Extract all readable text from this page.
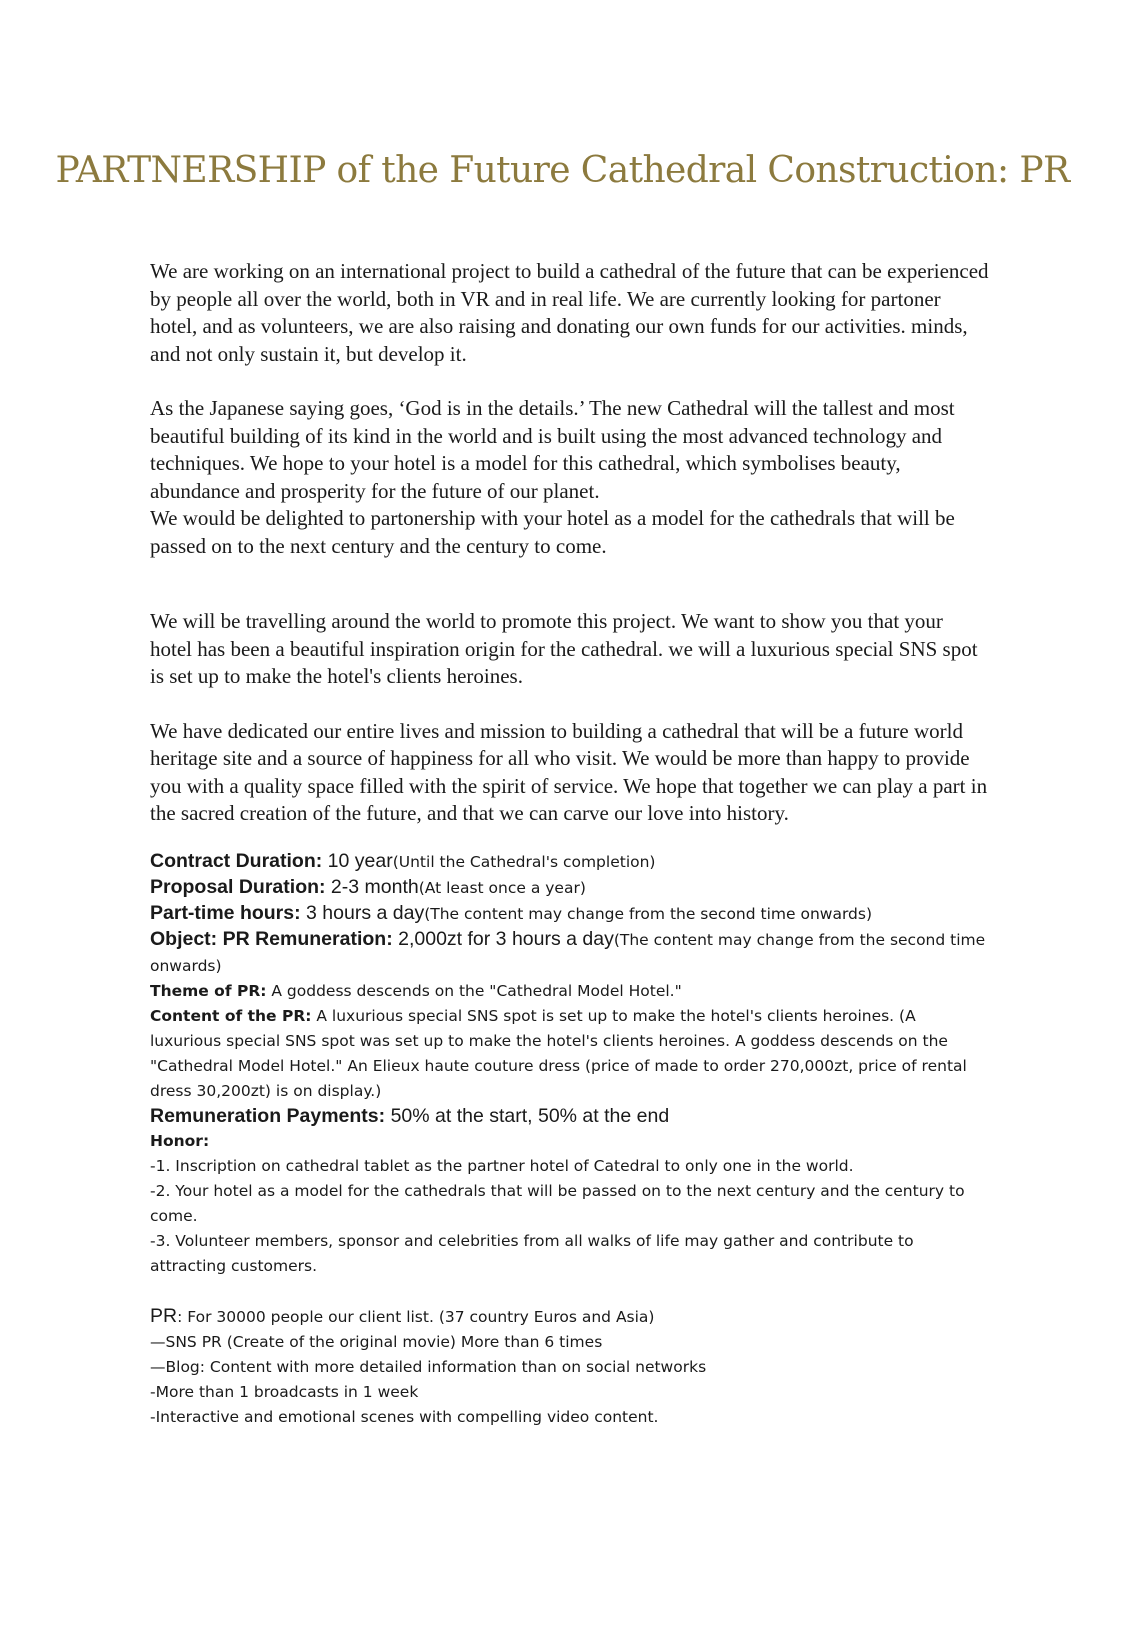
PARTNERSHIP of the Future Cathedral Construction: PR

We are working on an international project to build a cathedral of the future that can be experienced by people all over the world, both in VR and in real life. We are currently looking for partoner hotel, and as volunteers, we are also raising and donating our own funds for our activities. minds, and not only sustain it, but develop it.

As the Japanese saying goes, ‘God is in the details.’ The new Cathedral will the tallest and most beautiful building of its kind in the world and is built using the most advanced technology and techniques. We hope to your hotel is a model for this cathedral, which symbolises beauty, abundance and prosperity for the future of our planet.

We would be delighted to partonership with your hotel as a model for the cathedrals that will be passed on to the next century and the century to come.

We will be travelling around the world to promote this project. We want to show you that your hotel has been a beautiful inspiration origin for the cathedral. we will a luxurious special SNS spot is set up to make the hotel's clients heroines.

We have dedicated our entire lives and mission to building a cathedral that will be a future world heritage site and a source of happiness for all who visit. We would be more than happy to provide you with a quality space filled with the spirit of service. We hope that together we can play a part in the sacred creation of the future, and that we can carve our love into history.

Contract Duration: 10 year(Until the Cathedral's completion)

Proposal Duration: 2-3 month(At least once a year)

Part-time hours: 3 hours a day(The content may change from the second time onwards)

Object: PR Remuneration: 2,000zt for 3 hours a day(The content may change from the second time onwards)

Theme of PR: A goddess descends on the "Cathedral Model Hotel."

Content of the PR: A luxurious special SNS spot is set up to make the hotel's clients heroines. (A luxurious special SNS spot was set up to make the hotel's clients heroines. A goddess descends on the "Cathedral Model Hotel." An Elieux haute couture dress (price of made to order 270,000zt, price of rental dress 30,200zt) is on display.)

Remuneration Payments: 50% at the start, 50% at the end

Honor:

-1. Inscription on cathedral tablet as the partner hotel of Catedral to only one in the world.

-2. Your hotel as a model for the cathedrals that will be passed on to the next century and the century to come.

-3. Volunteer members, sponsor and celebrities from all walks of life may gather and contribute to attracting customers.

PR: For 30000 people our client list. (37 country Euros and Asia)

—SNS PR (Create of the original movie) More than 6 times

—Blog: Content with more detailed information than on social networks

-More than 1 broadcasts in 1 week

-Interactive and emotional scenes with compelling video content.
